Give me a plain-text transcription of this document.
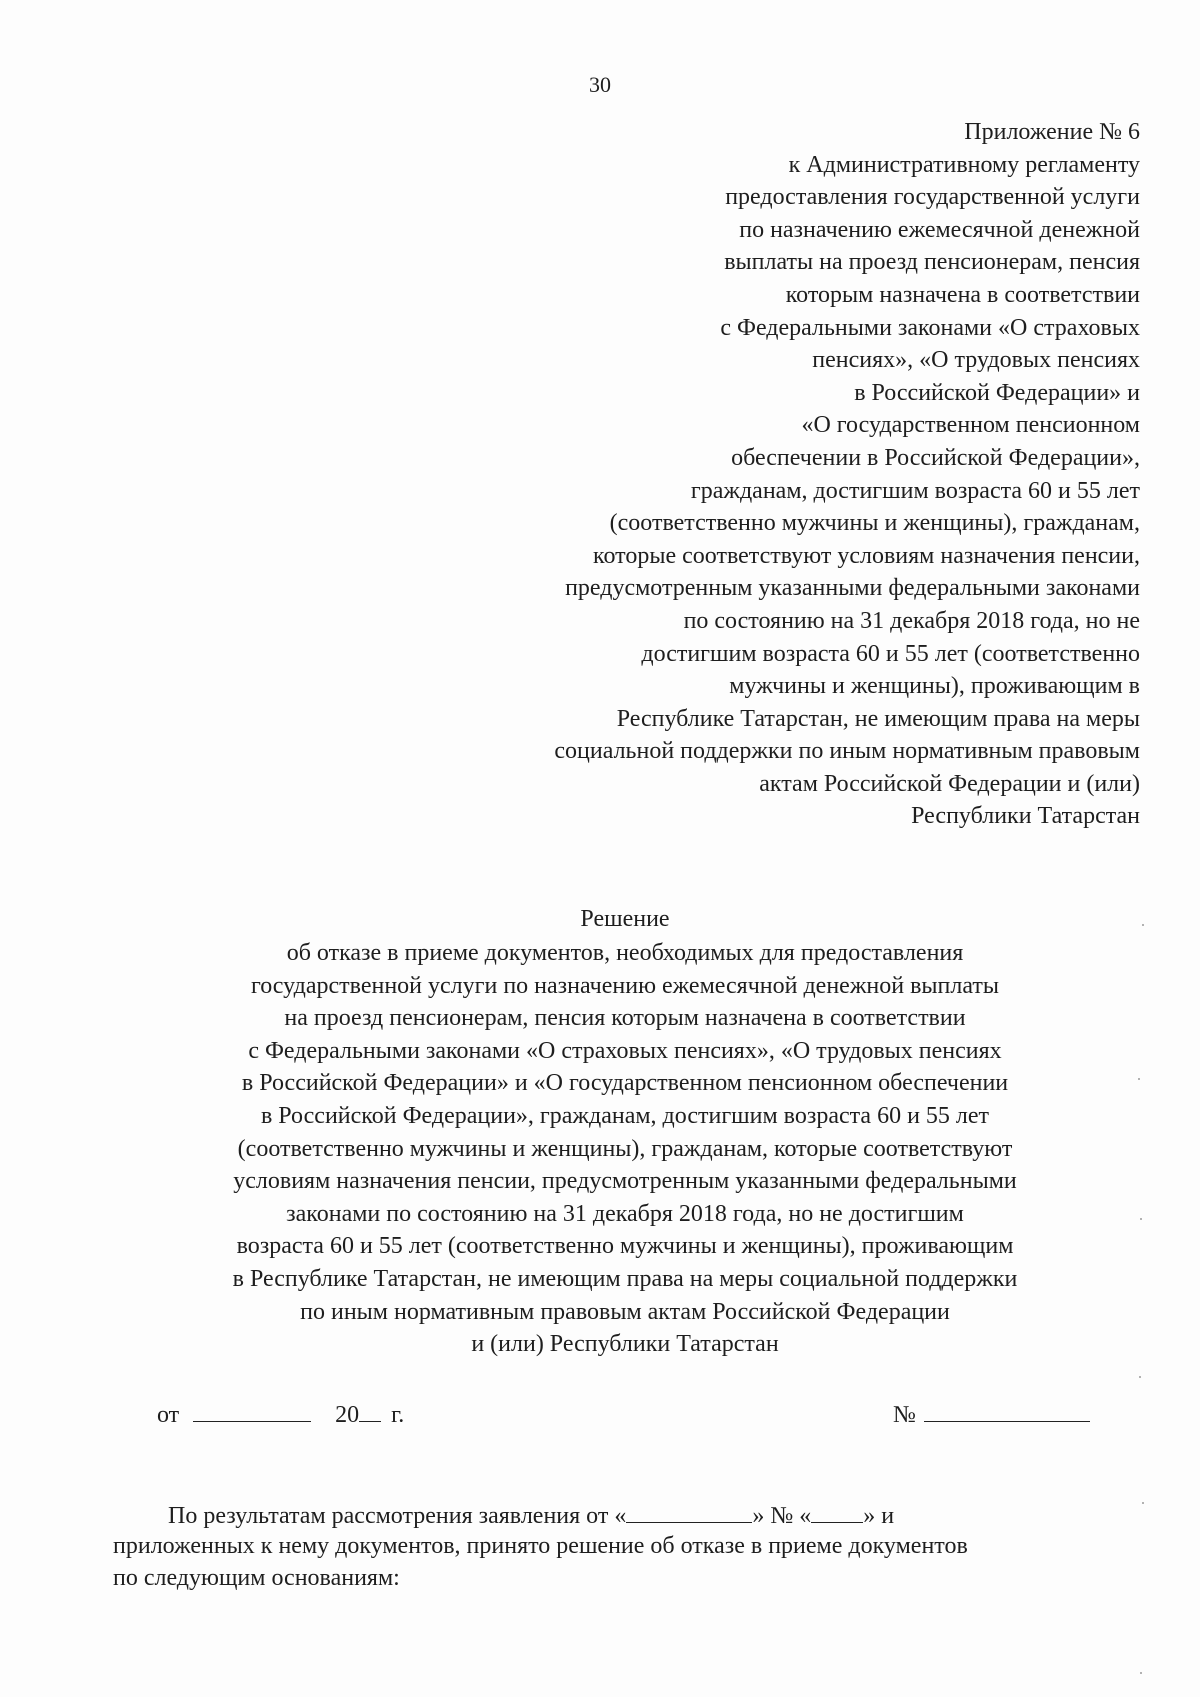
30
Приложение № 6
к Административному регламенту
предоставления государственной услуги
по назначению ежемесячной денежной
выплаты на проезд пенсионерам, пенсия
которым назначена в соответствии
с Федеральными законами «О страховых
пенсиях», «О трудовых пенсиях
в Российской Федерации» и
«О государственном пенсионном
обеспечении в Российской Федерации»,
гражданам, достигшим возраста 60 и 55 лет
(соответственно мужчины и женщины), гражданам,
которые соответствуют условиям назначения пенсии,
предусмотренным указанными федеральными законами
по состоянию на 31 декабря 2018 года, но не
достигшим возраста 60 и 55 лет (соответственно
мужчины и женщины), проживающим в
Республике Татарстан, не имеющим права на меры
социальной поддержки по иным нормативным правовым
актам Российской Федерации и (или)
Республики Татарстан
Решение
об отказе в приеме документов, необходимых для предоставления
государственной услуги по назначению ежемесячной денежной выплаты
на проезд пенсионерам, пенсия которым назначена в соответствии
с Федеральными законами «О страховых пенсиях», «О трудовых пенсиях
в Российской Федерации» и «О государственном пенсионном обеспечении
в Российской Федерации», гражданам, достигшим возраста 60 и 55 лет
(соответственно мужчины и женщины), гражданам, которые соответствуют
условиям назначения пенсии, предусмотренным указанными федеральными
законами по состоянию на 31 декабря 2018 года, но не достигшим
возраста 60 и 55 лет (соответственно мужчины и женщины), проживающим
в Республике Татарстан, не имеющим права на меры социальной поддержки
по иным нормативным правовым актам Российской Федерации
и (или) Республики Татарстан
от	20 г.	№
По результатам рассмотрения заявления от «	» № « » и
приложенных к нему документов, принято решение об отказе в приеме документов
по следующим основаниям:
